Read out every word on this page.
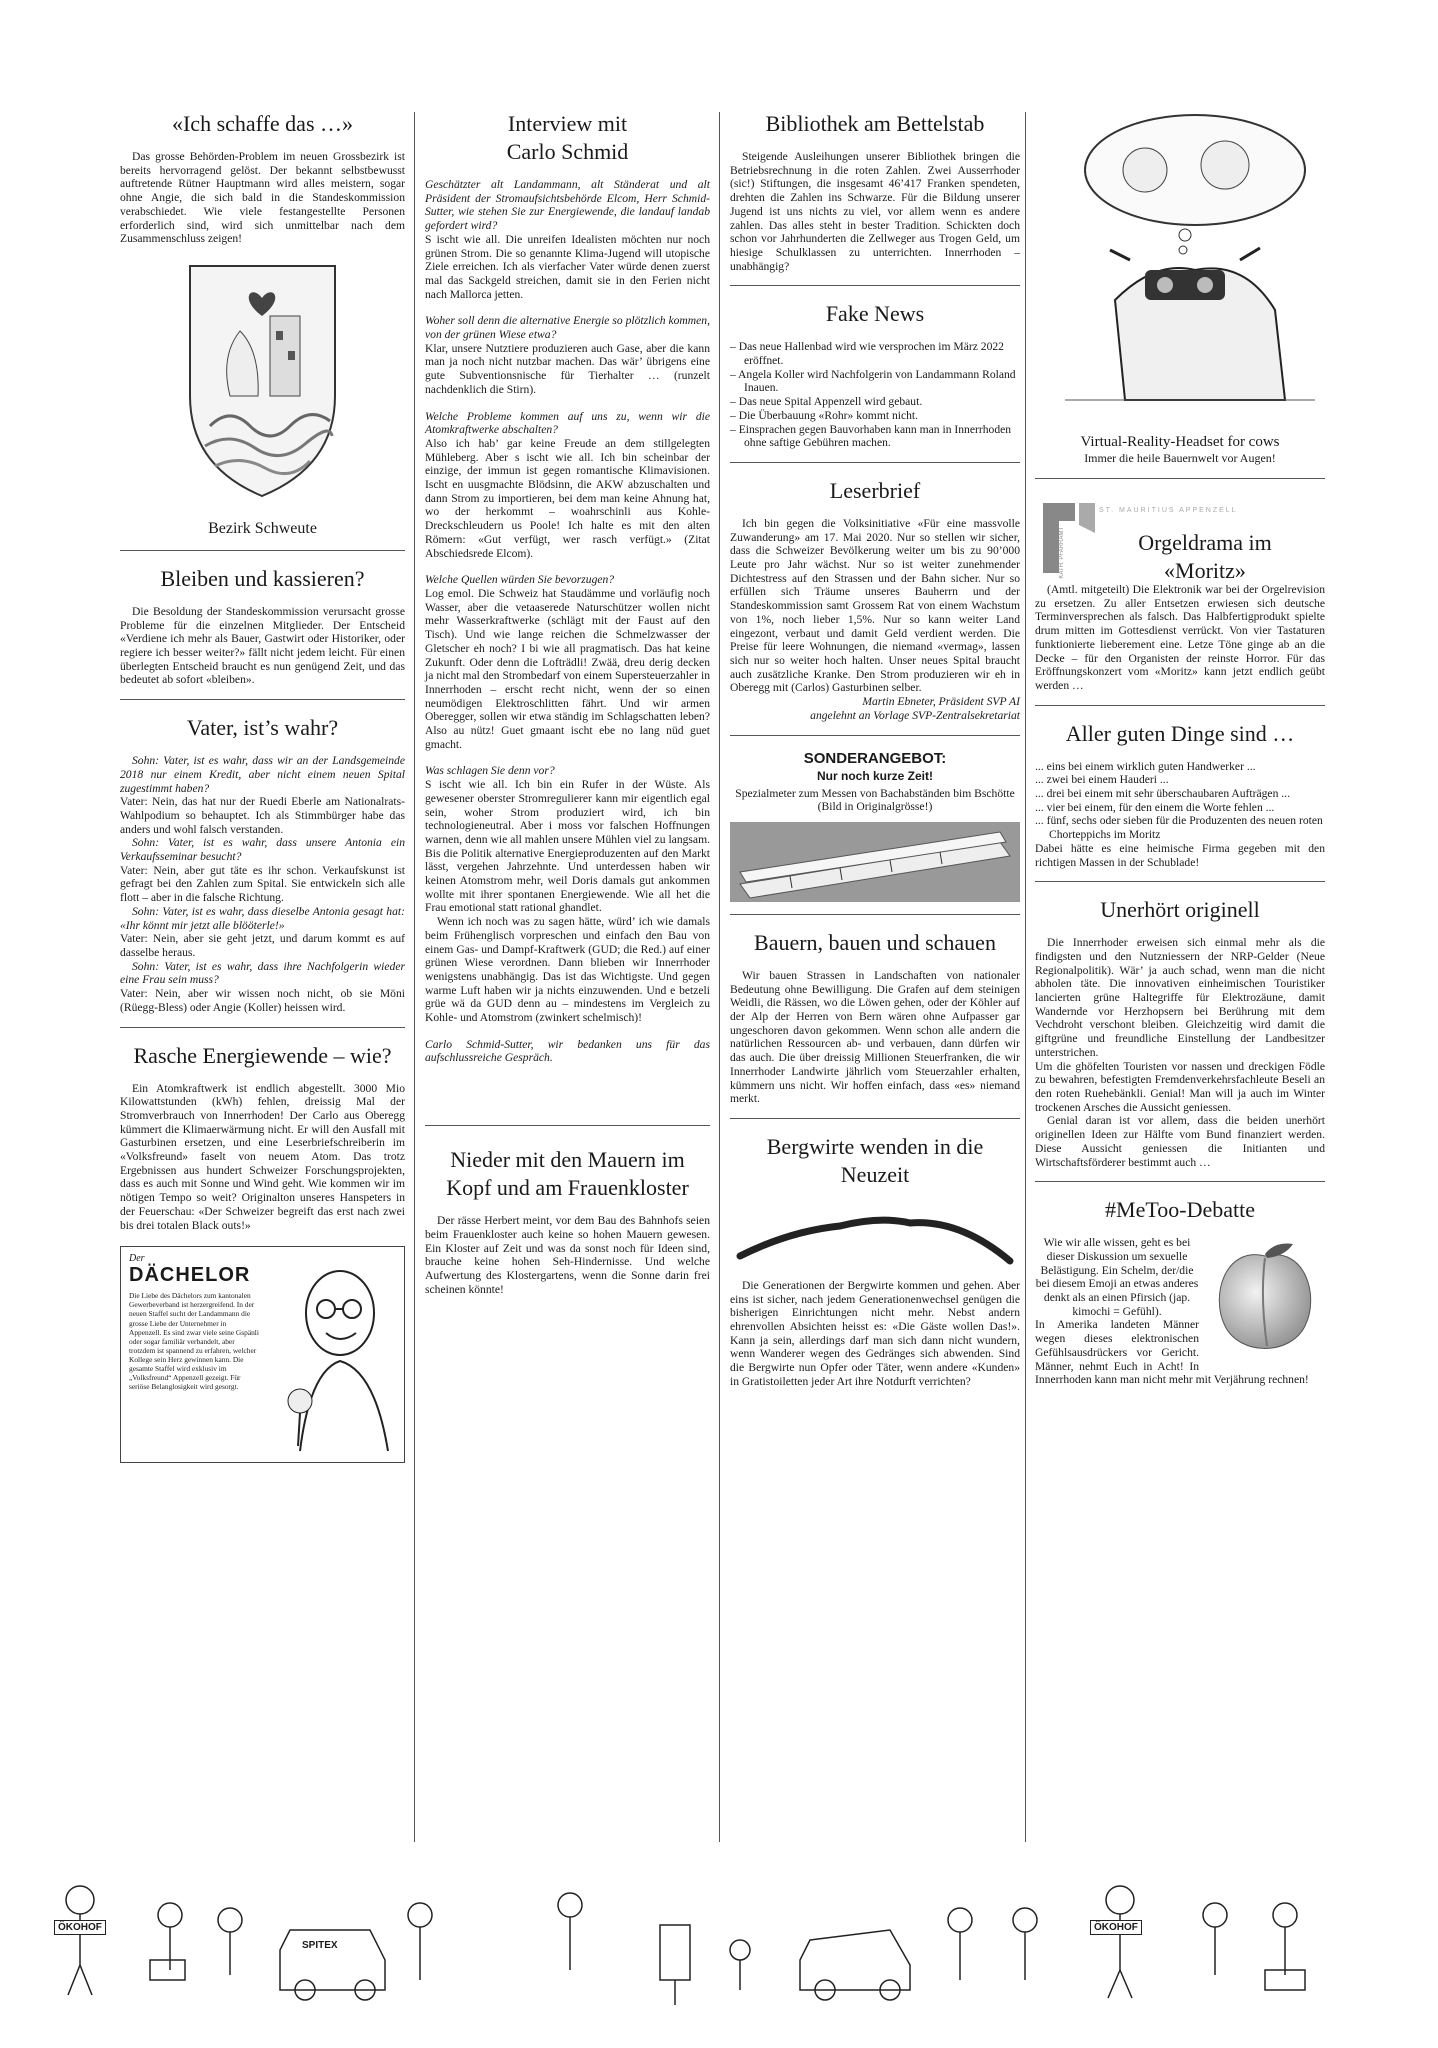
«Ich schaffe das …»

Das grosse Behörden-Problem im neuen Grossbezirk ist bereits hervorragend gelöst. Der bekannt selbstbewusst auftretende Rütner Hauptmann wird alles meistern, sogar ohne Angie, die sich bald in die Standeskommission verabschiedet. Wie viele festangestellte Personen erforderlich sind, wird sich unmittelbar nach dem Zusammenschluss zeigen!

Bezirk Schweute

Bleiben und kassieren?

Die Besoldung der Standeskommission verursacht grosse Probleme für die einzelnen Mitglieder. Der Entscheid «Verdiene ich mehr als Bauer, Gastwirt oder Historiker, oder regiere ich besser weiter?» fällt nicht jedem leicht. Für einen überlegten Entscheid braucht es nun genügend Zeit, und das bedeutet ab sofort «bleiben».

Vater, ist’s wahr?

Sohn: Vater, ist es wahr, dass wir an der Landsgemeinde 2018 nur einem Kredit, aber nicht einem neuen Spital zugestimmt haben?

Vater: Nein, das hat nur der Ruedi Eberle am Nationalrats-Wahlpodium so behauptet. Ich als Stimmbürger habe das anders und wohl falsch verstanden.

Sohn: Vater, ist es wahr, dass unsere Antonia ein Verkaufsseminar besucht?

Vater: Nein, aber gut täte es ihr schon. Verkaufskunst ist gefragt bei den Zahlen zum Spital. Sie entwickeln sich alle flott – aber in die falsche Richtung.

Sohn: Vater, ist es wahr, dass dieselbe Antonia gesagt hat: «Ihr könnt mir jetzt alle blööterle!»

Vater: Nein, aber sie geht jetzt, und darum kommt es auf dasselbe heraus.

Sohn: Vater, ist es wahr, dass ihre Nachfolgerin wieder eine Frau sein muss?

Vater: Nein, aber wir wissen noch nicht, ob sie Möni (Rüegg-Bless) oder Angie (Koller) heissen wird.

Rasche Energiewende – wie?

Ein Atomkraftwerk ist endlich abgestellt. 3000 Mio Kilowattstunden (kWh) fehlen, dreissig Mal der Stromverbrauch von Innerrhoden! Der Carlo aus Oberegg kümmert die Klimaerwärmung nicht. Er will den Ausfall mit Gasturbinen ersetzen, und eine Leserbriefschreiberin im «Volksfreund» faselt von neuem Atom. Das trotz Ergebnissen aus hundert Schweizer Forschungsprojekten, dass es auch mit Sonne und Wind geht. Wie kommen wir im nötigen Tempo so weit? Originalton unseres Hanspeters in der Feuerschau: «Der Schweizer begreift das erst nach zwei bis drei totalen Black outs!»

Der
DÄCHELOR
Die Liebe des Dächelors zum kantonalen Gewerbeverband ist herzergreifend. In der neuen Staffel sucht der Landammann die grosse Liebe der Unternehmer in Appenzell. Es sind zwar viele seine Gspänli oder sogar familiär verbandelt, aber trotzdem ist spannend zu erfahren, welcher Kollege sein Herz gewinnen kann. Die gesamte Staffel wird exklusiv im „Volksfreund“ Appenzell gezeigt. Für seriöse Belanglosigkeit wird gesorgt.
Interview mit Carlo Schmid

Geschätzter alt Landammann, alt Ständerat und alt Präsident der Stromaufsichtsbehörde Elcom, Herr Schmid-Sutter, wie stehen Sie zur Energiewende, die landauf landab gefordert wird?

S ischt wie all. Die unreifen Idealisten möchten nur noch grünen Strom. Die so genannte Klima-Jugend will utopische Ziele erreichen. Ich als vierfacher Vater würde denen zuerst mal das Sackgeld streichen, damit sie in den Ferien nicht nach Mallorca jetten.

Woher soll denn die alternative Energie so plötzlich kommen, von der grünen Wiese etwa?

Klar, unsere Nutztiere produzieren auch Gase, aber die kann man ja noch nicht nutzbar machen. Das wär’ übrigens eine gute Subventionsnische für Tierhalter … (runzelt nachdenklich die Stirn).

Welche Probleme kommen auf uns zu, wenn wir die Atomkraftwerke abschalten?

Also ich hab’ gar keine Freude an dem stillgelegten Mühleberg. Aber s ischt wie all. Ich bin scheinbar der einzige, der immun ist gegen romantische Klimavisionen. Ischt en uusgmachte Blödsinn, die AKW abzuschalten und dann Strom zu importieren, bei dem man keine Ahnung hat, wo der herkommt – woahrschinli aus Kohle-Dreckschleudern us Poole! Ich halte es mit den alten Römern: «Gut verfügt, wer rasch verfügt.» (Zitat Abschiedsrede Elcom).

Welche Quellen würden Sie bevorzugen?

Log emol. Die Schweiz hat Staudämme und vorläufig noch Wasser, aber die vetaaserede Naturschützer wollen nicht mehr Wasserkraftwerke (schlägt mit der Faust auf den Tisch). Und wie lange reichen die Schmelzwasser der Gletscher eh noch? I bi wie all pragmatisch. Das hat keine Zukunft. Oder denn die Lofträdli! Zwää, dreu derig decken ja nicht mal den Strombedarf von einem Supersteuerzahler in Innerrhoden – erscht recht nicht, wenn der so einen neumödigen Elektroschlitten fährt. Und wir armen Oberegger, sollen wir etwa ständig im Schlagschatten leben? Also au nütz! Guet gmaant ischt ebe no lang nüd guet gmacht.

Was schlagen Sie denn vor?

S ischt wie all. Ich bin ein Rufer in der Wüste. Als gewesener oberster Stromregulierer kann mir eigentlich egal sein, woher Strom produziert wird, ich bin technologieneutral. Aber i moss vor falschen Hoffnungen warnen, denn wie all mahlen unsere Mühlen viel zu langsam. Bis die Politik alternative Energieproduzenten auf den Markt lässt, vergehen Jahrzehnte. Und unterdessen haben wir keinen Atomstrom mehr, weil Doris damals gut ankommen wollte mit ihrer spontanen Energiewende. Wie all het die Frau emotional statt rational ghandlet.

Wenn ich noch was zu sagen hätte, würd’ ich wie damals beim Frühenglisch vorpreschen und einfach den Bau von einem Gas- und Dampf-Kraftwerk (GUD; die Red.) auf einer grünen Wiese verordnen. Dann blieben wir Innerrhoder wenigstens unabhängig. Das ist das Wichtigste. Und gegen warme Luft haben wir ja nichts einzuwenden. Und e betzeli grüe wä da GUD denn au – mindestens im Vergleich zu Kohle- und Atomstrom (zwinkert schelmisch)!

Carlo Schmid-Sutter, wir bedanken uns für das aufschlussreiche Gespräch.

Nieder mit den Mauern im Kopf und am Frauenkloster

Der rässe Herbert meint, vor dem Bau des Bahnhofs seien beim Frauenkloster auch keine so hohen Mauern gewesen. Ein Kloster auf Zeit und was da sonst noch für Ideen sind, brauche keine hohen Seh-Hindernisse. Und welche Aufwertung des Klostergartens, wenn die Sonne darin frei scheinen könnte!

Bibliothek am Bettelstab

Steigende Ausleihungen unserer Bibliothek bringen die Betriebsrechnung in die roten Zahlen. Zwei Ausserrhoder (sic!) Stiftungen, die insgesamt 46’417 Franken spendeten, drehten die Zahlen ins Schwarze. Für die Bildung unserer Jugend ist uns nichts zu viel, vor allem wenn es andere zahlen. Das alles steht in bester Tradition. Schickten doch schon vor Jahrhunderten die Zellweger aus Trogen Geld, um hiesige Schulklassen zu unterrichten. Innerrhoden – unabhängig?

Fake News
– Das neue Hallenbad wird wie versprochen im März 2022 eröffnet.
– Angela Koller wird Nachfolgerin von Landammann Roland Inauen.
– Das neue Spital Appenzell wird gebaut.
– Die Überbauung «Rohr» kommt nicht.
– Einsprachen gegen Bauvorhaben kann man in Innerrhoden ohne saftige Gebühren machen.
Leserbrief

Ich bin gegen die Volksinitiative «Für eine massvolle Zuwanderung» am 17. Mai 2020. Nur so stellen wir sicher, dass die Schweizer Bevölkerung weiter um bis zu 90’000 Leute pro Jahr wächst. Nur so ist weiter zunehmender Dichtestress auf den Strassen und der Bahn sicher. Nur so erfüllen sich Träume unseres Bauherrn und der Standeskommission samt Grossem Rat von einem Wachstum von 1%, noch lieber 1,5%. Nur so kann weiter Land eingezont, verbaut und damit Geld verdient werden. Die Preise für leere Wohnungen, die niemand «vermag», lassen sich nur so weiter hoch halten. Unser neues Spital braucht auch zusätzliche Kranke. Den Strom produzieren wir eh in Oberegg mit (Carlos) Gasturbinen selber.

Martin Ebneter, Präsident SVP AI

angelehnt an Vorlage SVP-Zentralsekretariat

SONDERANGEBOT:
Nur noch kurze Zeit!
Spezialmeter zum Messen von Bachabständen bim Bschötte (Bild in Originalgrösse!)
Bauern, bauen und schauen

Wir bauen Strassen in Landschaften von nationaler Bedeutung ohne Bewilligung. Die Grafen auf dem steinigen Weidli, die Rässen, wo die Löwen gehen, oder der Köhler auf der Alp der Herren von Bern wären ohne Aufpasser gar ungeschoren davon gekommen. Wenn schon alle andern die natürlichen Ressourcen ab- und verbauen, dann dürfen wir das auch. Die über dreissig Millionen Steuerfranken, die wir Innerrhoder Landwirte jährlich vom Steuerzahler erhalten, kümmern uns nicht. Wir hoffen einfach, dass «es» niemand merkt.

Bergwirte wenden in die Neuzeit

Die Generationen der Bergwirte kommen und gehen. Aber eins ist sicher, nach jedem Generationenwechsel genügen die bisherigen Einrichtungen nicht mehr. Nebst andern ehrenvollen Absichten heisst es: «Die Gäste wollen Das!». Kann ja sein, allerdings darf man sich dann nicht wundern, wenn Wanderer wegen des Gedränges sich abwenden. Sind die Bergwirte nun Opfer oder Täter, wenn andere «Kunden» in Gratistoiletten jeder Art ihre Notdurft verrichten?

Virtual-Reality-Headset for cows

Immer die heile Bauernwelt vor Augen!

KATH. PFARRAMT
ST. MAURITIUS APPENZELL
Orgeldrama im «Moritz»

(Amtl. mitgeteilt) Die Elektronik war bei der Orgelrevision zu ersetzen. Zu aller Entsetzen erwiesen sich deutsche Terminversprechen als falsch. Das Halbfertigprodukt spielte drum mitten im Gottesdienst verrückt. Von vier Tastaturen funktionierte lieberement eine. Letze Töne ginge ab an die Decke – für den Organisten der reinste Horror. Für das Eröffnungskonzert vom «Moritz» kann jetzt endlich geübt werden …

Aller guten Dinge sind …
... eins bei einem wirklich guten Handwerker ...
... zwei bei einem Hauderi ...
... drei bei einem mit sehr überschaubaren Aufträgen ...
... vier bei einem, für den einem die Worte fehlen ...
... fünf, sechs oder sieben für die Produzenten des neuen roten Chorteppichs im Moritz

Dabei hätte es eine heimische Firma gegeben mit den richtigen Massen in der Schublade!

Unerhört originell

Die Innerrhoder erweisen sich einmal mehr als die findigsten und den Nutzniessern der NRP-Gelder (Neue Regionalpolitik). Wär’ ja auch schad, wenn man die nicht abholen täte. Die innovativen einheimischen Touristiker lancierten grüne Haltegriffe für Elektrozäune, damit Wandernde vor Herzhopsern bei Berührung mit dem Vechdroht verschont bleiben. Gleichzeitig wird damit die giftgrüne und freundliche Einstellung der Landbesitzer unterstrichen.

Um die ghöfelten Touristen vor nassen und dreckigen Födle zu bewahren, befestigten Fremdenverkehrsfachleute Beseli an den roten Ruehebänkli. Genial! Man will ja auch im Winter trockenen Arsches die Aussicht geniessen.

Genial daran ist vor allem, dass die beiden unerhört originellen Ideen zur Hälfte vom Bund finanziert werden. Diese Aussicht geniessen die Initianten und Wirtschaftsförderer bestimmt auch …

#MeToo-Debatte

Wie wir alle wissen, geht es bei dieser Diskussion um sexuelle Belästigung. Ein Schelm, der/die bei diesem Emoji an etwas anderes denkt als an einen Pfirsich (jap. kimochi = Gefühl).

In Amerika landeten Männer wegen dieses elektronischen Gefühlsausdrückers vor Gericht. Männer, nehmt Euch in Acht! In Innerrhoden kann man nicht mehr mit Verjährung rechnen!

ÖKOHOF
SPITEX
ÖKOHOF
